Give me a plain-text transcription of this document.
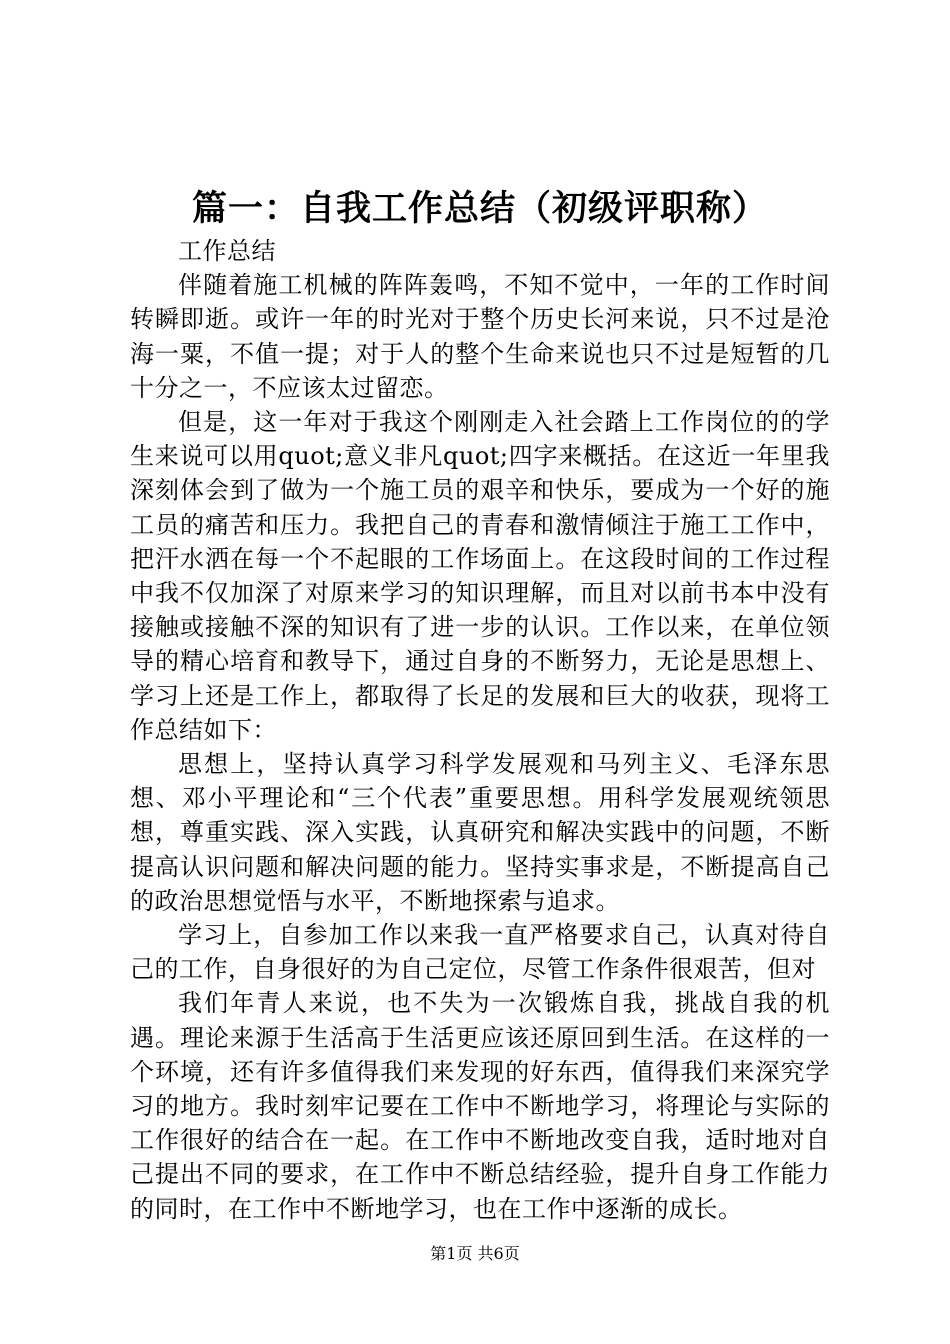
篇一：自我工作总结（初级评职称）

工作总结

伴随着施工机械的阵阵轰鸣，不知不觉中，一年的工作时间转瞬即逝。或许一年的时光对于整个历史长河来说，只不过是沧海一粟，不值一提；对于人的整个生命来说也只不过是短暂的几十分之一，不应该太过留恋。

但是，这一年对于我这个刚刚走入社会踏上工作岗位的的学生来说可以用quot;意义非凡quot;四字来概括。在这近一年里我深刻体会到了做为一个施工员的艰辛和快乐，要成为一个好的施工员的痛苦和压力。我把自己的青春和激情倾注于施工工作中，把汗水洒在每一个不起眼的工作场面上。在这段时间的工作过程中我不仅加深了对原来学习的知识理解，而且对以前书本中没有接触或接触不深的知识有了进一步的认识。工作以来，在单位领导的精心培育和教导下，通过自身的不断努力，无论是思想上、学习上还是工作上，都取得了长足的发展和巨大的收获，现将工作总结如下：

思想上，坚持认真学习科学发展观和马列主义、毛泽东思想、邓小平理论和“三个代表”重要思想。用科学发展观统领思想，尊重实践、深入实践，认真研究和解决实践中的问题，不断提高认识问题和解决问题的能力。坚持实事求是，不断提高自己的政治思想觉悟与水平，不断地探索与追求。

学习上，自参加工作以来我一直严格要求自己，认真对待自己的工作，自身很好的为自己定位，尽管工作条件很艰苦，但对

我们年青人来说，也不失为一次锻炼自我，挑战自我的机遇。理论来源于生活高于生活更应该还原回到生活。在这样的一个环境，还有许多值得我们来发现的好东西，值得我们来深究学习的地方。我时刻牢记要在工作中不断地学习，将理论与实际的工作很好的结合在一起。在工作中不断地改变自我，适时地对自己提出不同的要求，在工作中不断总结经验，提升自身工作能力的同时，在工作中不断地学习，也在工作中逐渐的成长。

第1页 共6页
